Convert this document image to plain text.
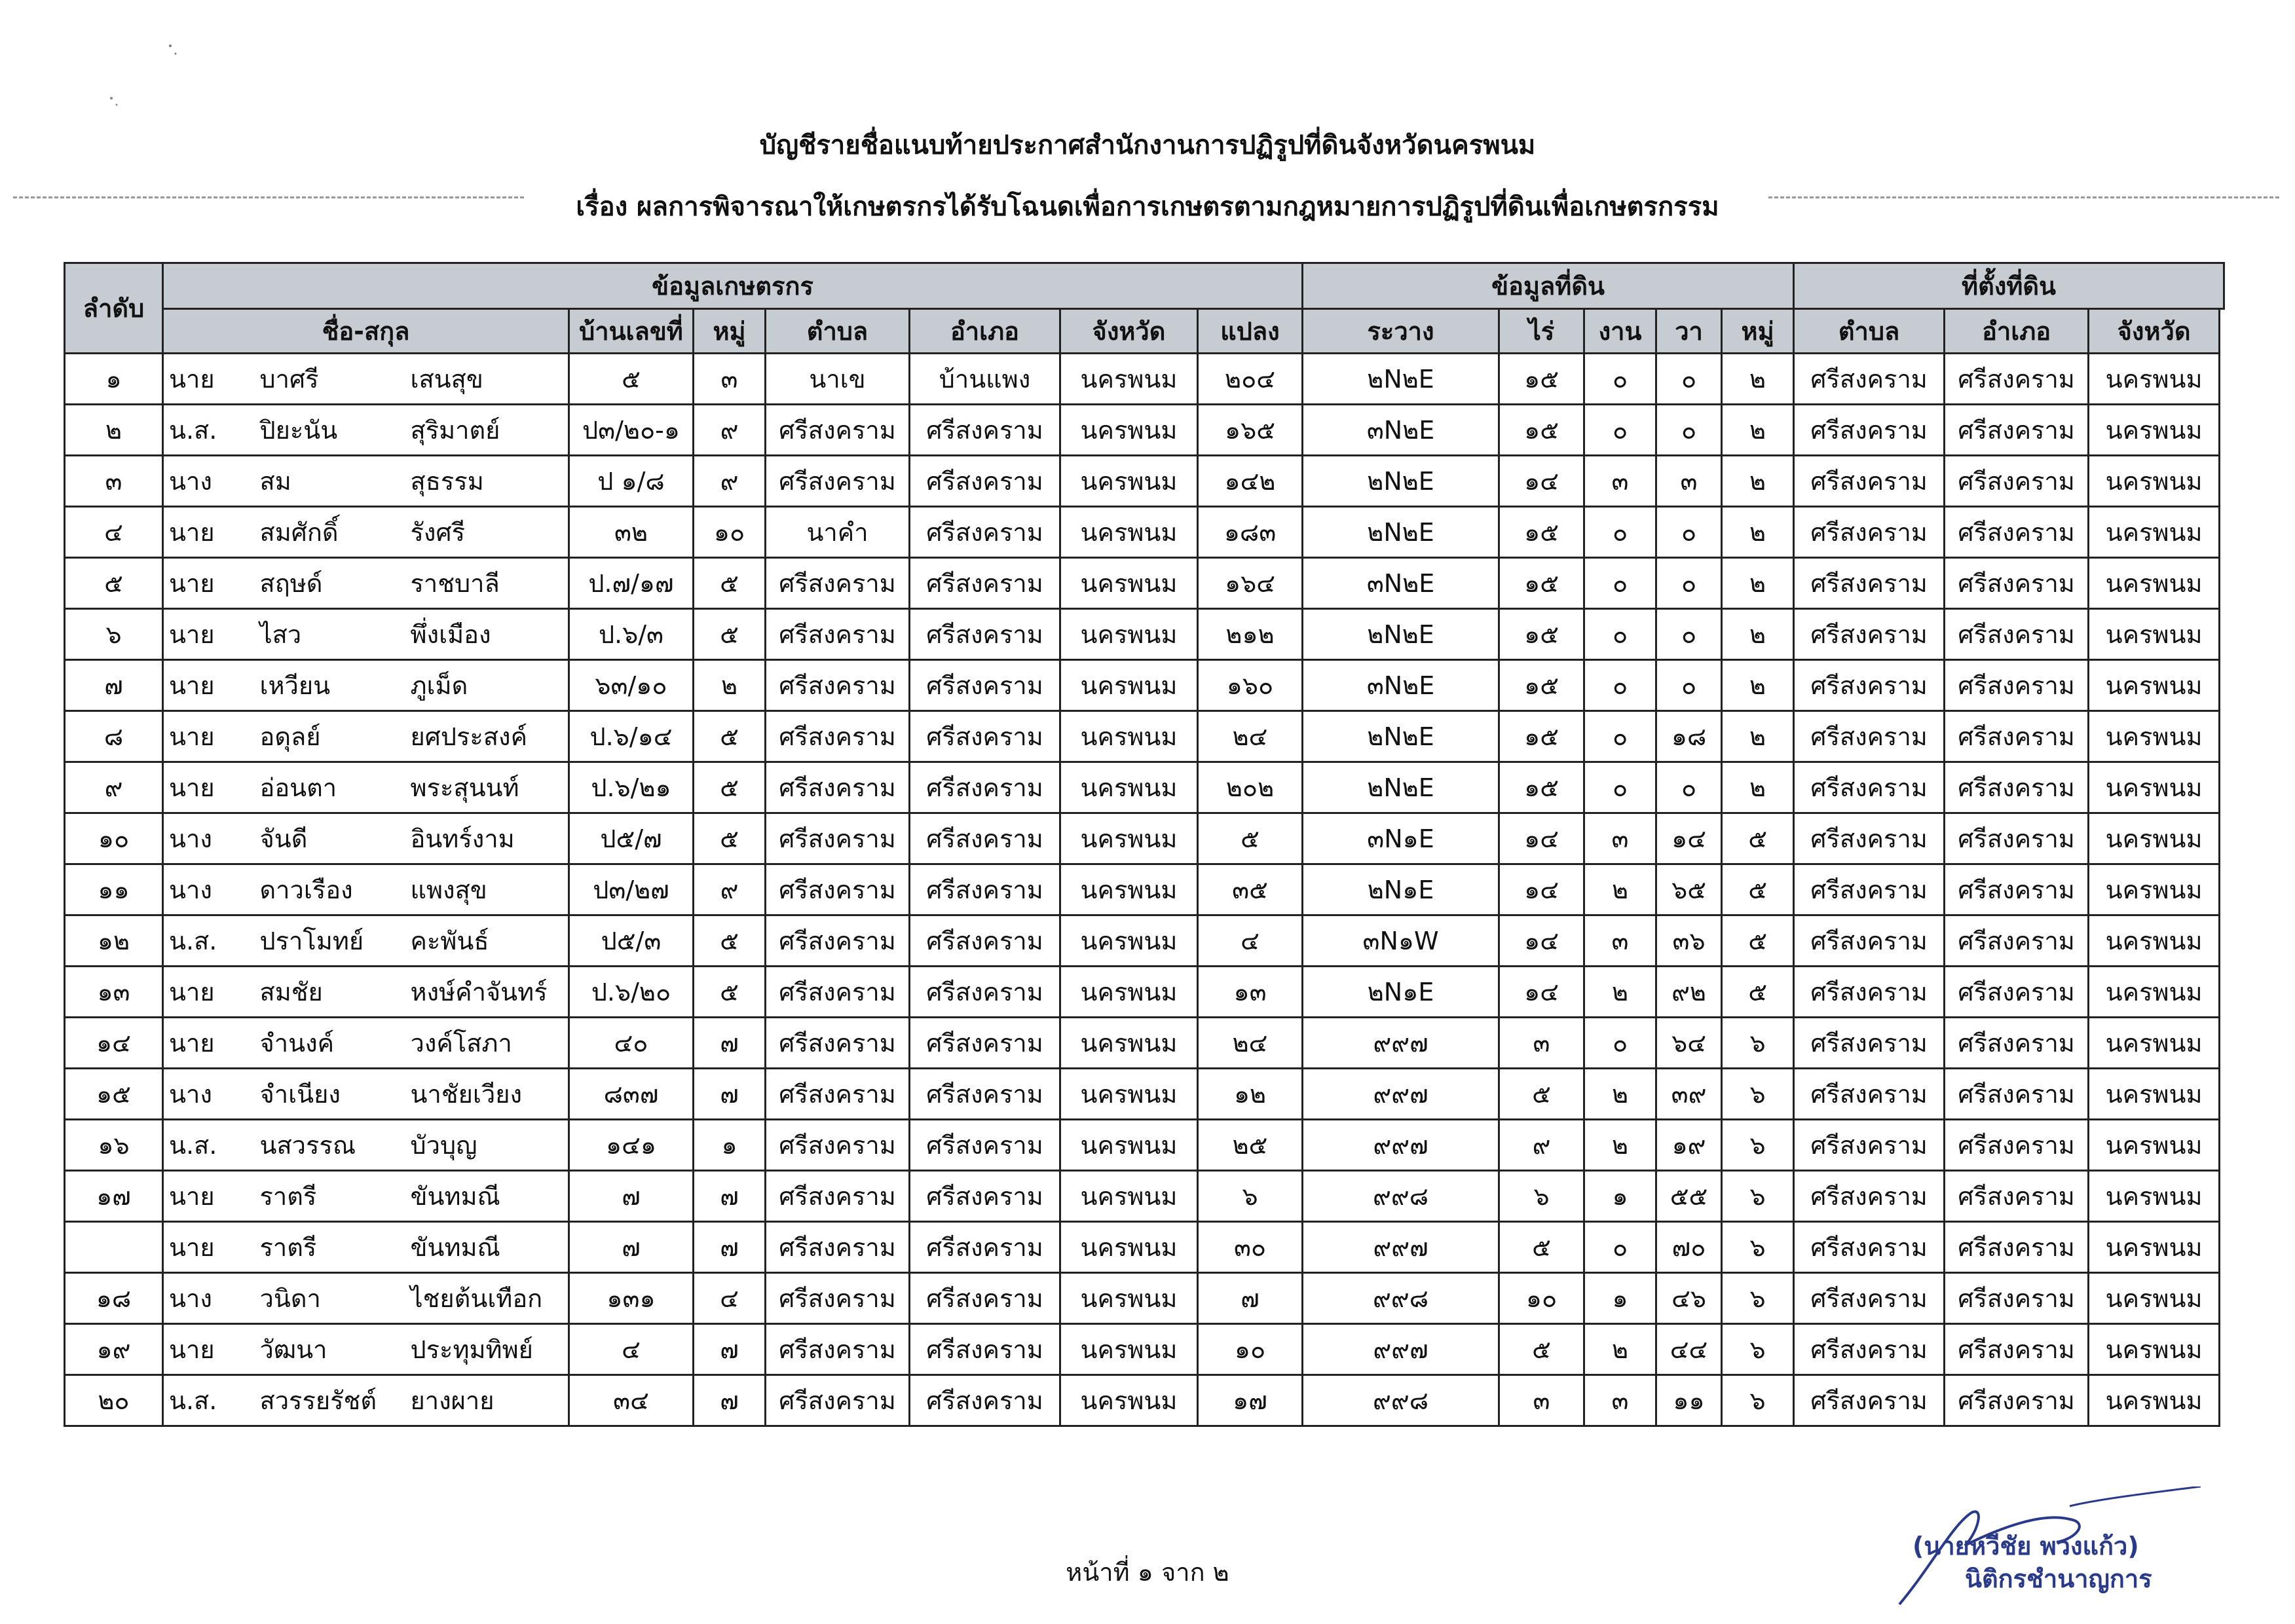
บัญชีรายชื่อแนบท้ายประกาศสำนักงานการปฏิรูปที่ดินจังหวัดนครพนม
เรื่อง ผลการพิจารณาให้เกษตรกรได้รับโฉนดเพื่อการเกษตรตามกฎหมายการปฏิรูปที่ดินเพื่อเกษตรกรรม
ลำดับ	ข้อมูลเกษตรกร									ข้อมูลที่ดิน					ที่ตั้งที่ดิน		
	ชื่อ-สกุล			บ้านเลขที่	หมู่	ตำบล	อำเภอ	จังหวัด	แปลง	ระวาง	ไร่	งาน	วา	หมู่	ตำบล	อำเภอ	จังหวัด
๑	นาย	บาศรี	เสนสุข	๕	๓	นาเข	บ้านแพง	นครพนม	๒๐๔	๒N๒E	๑๕	๐	๐	๒	ศรีสงคราม	ศรีสงคราม	นครพนม
๒	น.ส.	ปิยะนัน	สุริมาตย์	ป๓/๒๐-๑	๙	ศรีสงคราม	ศรีสงคราม	นครพนม	๑๖๕	๓N๒E	๑๕	๐	๐	๒	ศรีสงคราม	ศรีสงคราม	นครพนม
๓	นาง	สม	สุธรรม	ป ๑/๘	๙	ศรีสงคราม	ศรีสงคราม	นครพนม	๑๔๒	๒N๒E	๑๔	๓	๓	๒	ศรีสงคราม	ศรีสงคราม	นครพนม
๔	นาย	สมศักดิ์	รังศรี	๓๒	๑๐	นาคำ	ศรีสงคราม	นครพนม	๑๘๓	๒N๒E	๑๕	๐	๐	๒	ศรีสงคราม	ศรีสงคราม	นครพนม
๕	นาย	สฤษด์	ราชบาลี	ป.๗/๑๗	๕	ศรีสงคราม	ศรีสงคราม	นครพนม	๑๖๔	๓N๒E	๑๕	๐	๐	๒	ศรีสงคราม	ศรีสงคราม	นครพนม
๖	นาย	ไสว	พึ่งเมือง	ป.๖/๓	๕	ศรีสงคราม	ศรีสงคราม	นครพนม	๒๑๒	๒N๒E	๑๕	๐	๐	๒	ศรีสงคราม	ศรีสงคราม	นครพนม
๗	นาย	เหวียน	ภูเม็ด	๖๓/๑๐	๒	ศรีสงคราม	ศรีสงคราม	นครพนม	๑๖๐	๓N๒E	๑๕	๐	๐	๒	ศรีสงคราม	ศรีสงคราม	นครพนม
๘	นาย	อดุลย์	ยศประสงค์	ป.๖/๑๔	๕	ศรีสงคราม	ศรีสงคราม	นครพนม	๒๔	๒N๒E	๑๕	๐	๑๘	๒	ศรีสงคราม	ศรีสงคราม	นครพนม
๙	นาย	อ่อนตา	พระสุนนท์	ป.๖/๒๑	๕	ศรีสงคราม	ศรีสงคราม	นครพนม	๒๐๒	๒N๒E	๑๕	๐	๐	๒	ศรีสงคราม	ศรีสงคราม	นครพนม
๑๐	นาง	จันดี	อินทร์งาม	ป๕/๗	๕	ศรีสงคราม	ศรีสงคราม	นครพนม	๕	๓N๑E	๑๔	๓	๑๔	๕	ศรีสงคราม	ศรีสงคราม	นครพนม
๑๑	นาง	ดาวเรือง	แพงสุข	ป๓/๒๗	๙	ศรีสงคราม	ศรีสงคราม	นครพนม	๓๕	๒N๑E	๑๔	๒	๖๕	๕	ศรีสงคราม	ศรีสงคราม	นครพนม
๑๒	น.ส.	ปราโมทย์	คะพันธ์	ป๕/๓	๕	ศรีสงคราม	ศรีสงคราม	นครพนม	๔	๓N๑W	๑๔	๓	๓๖	๕	ศรีสงคราม	ศรีสงคราม	นครพนม
๑๓	นาย	สมชัย	หงษ์คำจันทร์	ป.๖/๒๐	๕	ศรีสงคราม	ศรีสงคราม	นครพนม	๑๓	๒N๑E	๑๔	๒	๙๒	๕	ศรีสงคราม	ศรีสงคราม	นครพนม
๑๔	นาย	จำนงค์	วงค์โสภา	๔๐	๗	ศรีสงคราม	ศรีสงคราม	นครพนม	๒๔	๙๙๗	๓	๐	๖๔	๖	ศรีสงคราม	ศรีสงคราม	นครพนม
๑๕	นาง	จำเนียง	นาชัยเวียง	๘๓๗	๗	ศรีสงคราม	ศรีสงคราม	นครพนม	๑๒	๙๙๗	๕	๒	๓๙	๖	ศรีสงคราม	ศรีสงคราม	นครพนม
๑๖	น.ส.	นสวรรณ	บัวบุญ	๑๔๑	๑	ศรีสงคราม	ศรีสงคราม	นครพนม	๒๕	๙๙๗	๙	๒	๑๙	๖	ศรีสงคราม	ศรีสงคราม	นครพนม
๑๗	นาย	ราตรี	ขันทมณี	๗	๗	ศรีสงคราม	ศรีสงคราม	นครพนม	๖	๙๙๘	๖	๑	๕๕	๖	ศรีสงคราม	ศรีสงคราม	นครพนม
	นาย	ราตรี	ขันทมณี	๗	๗	ศรีสงคราม	ศรีสงคราม	นครพนม	๓๐	๙๙๗	๕	๐	๗๐	๖	ศรีสงคราม	ศรีสงคราม	นครพนม
๑๘	นาง	วนิดา	ไชยต้นเทือก	๑๓๑	๔	ศรีสงคราม	ศรีสงคราม	นครพนม	๗	๙๙๘	๑๐	๑	๔๖	๖	ศรีสงคราม	ศรีสงคราม	นครพนม
๑๙	นาย	วัฒนา	ประทุมทิพย์	๔	๗	ศรีสงคราม	ศรีสงคราม	นครพนม	๑๐	๙๙๗	๕	๒	๔๔	๖	ศรีสงคราม	ศรีสงคราม	นครพนม
๒๐	น.ส.	สวรรยรัชต์	ยางผาย	๓๔	๗	ศรีสงคราม	ศรีสงคราม	นครพนม	๑๗	๙๙๘	๓	๓	๑๑	๖	ศรีสงคราม	ศรีสงคราม	นครพนม
หน้าที่ ๑ จาก ๒
(นายหวีชัย พวงแก้ว)
นิติกรชำนาญการ
